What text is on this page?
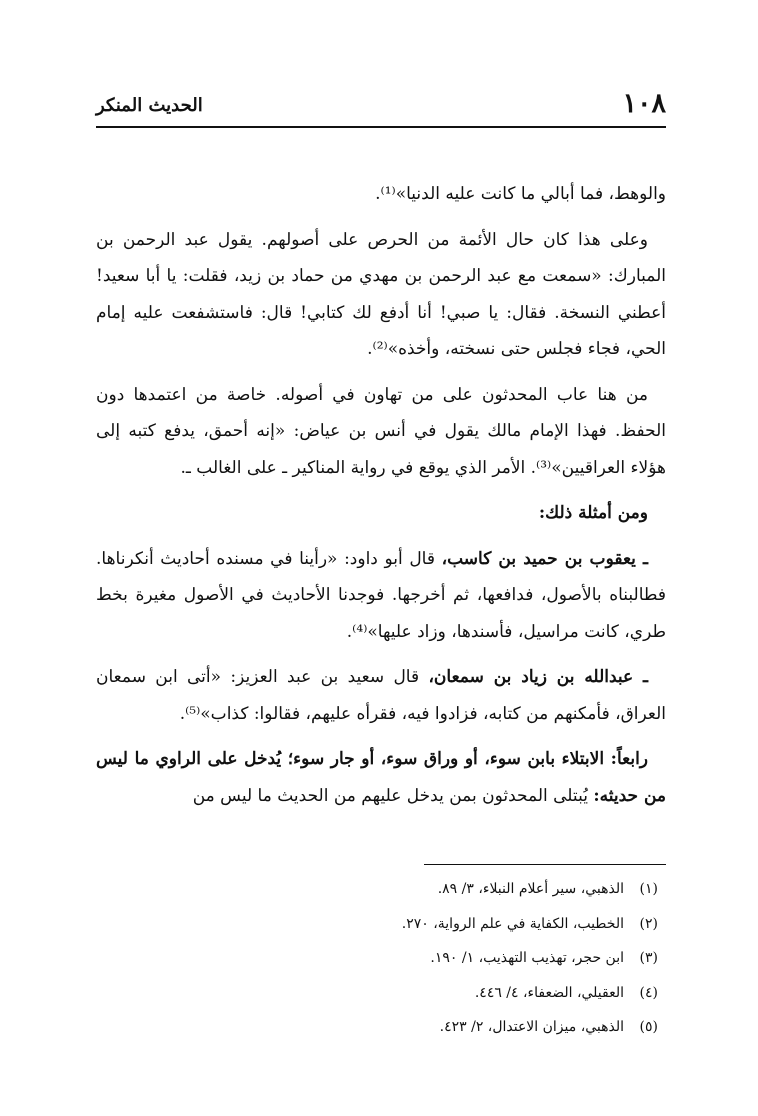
١٠٨
الحديث المنكر

والوهط، فما أبالي ما كانت عليه الدنيا»⁽¹⁾.

وعلى هذا كان حال الأئمة من الحرص على أصولهم. يقول عبد الرحمن بن المبارك: «سمعت مع عبد الرحمن بن مهدي من حماد بن زيد، فقلت: يا أبا سعيد! أعطني النسخة. فقال: يا صبي! أنا أدفع لك كتابي! قال: فاستشفعت عليه إمام الحي، فجاء فجلس حتى نسخته، وأخذه»⁽²⁾.

من هنا عاب المحدثون على من تهاون في أصوله. خاصة من اعتمدها دون الحفظ. فهذا الإمام مالك يقول في أنس بن عياض: «إنه أحمق، يدفع كتبه إلى هؤلاء العراقيين»⁽³⁾. الأمر الذي يوقع في رواية المناكير ـ على الغالب ـ.

ومن أمثلة ذلك:

ـ يعقوب بن حميد بن كاسب، قال أبو داود: «رأينا في مسنده أحاديث أنكرناها. فطالبناه بالأصول، فدافعها، ثم أخرجها. فوجدنا الأحاديث في الأصول مغيرة بخط طري، كانت مراسيل، فأسندها، وزاد عليها»⁽⁴⁾.

ـ عبدالله بن زياد بن سمعان، قال سعيد بن عبد العزيز: «أتى ابن سمعان العراق، فأمكنهم من كتابه، فزادوا فيه، فقرأه عليهم، فقالوا: كذاب»⁽⁵⁾.

رابعاً: الابتلاء بابن سوء، أو وراق سوء، أو جار سوء؛ يُدخل على الراوي ما ليس من حديثه: يُبتلى المحدثون بمن يدخل عليهم من الحديث ما ليس من

(١)الذهبي، سير أعلام النبلاء، ٣/ ٨٩.
(٢)الخطيب، الكفاية في علم الرواية، ٢٧٠.
(٣)ابن حجر، تهذيب التهذيب، ١/ ١٩٠.
(٤)العقيلي، الضعفاء، ٤/ ٤٤٦.
(٥)الذهبي، ميزان الاعتدال، ٢/ ٤٢٣.
